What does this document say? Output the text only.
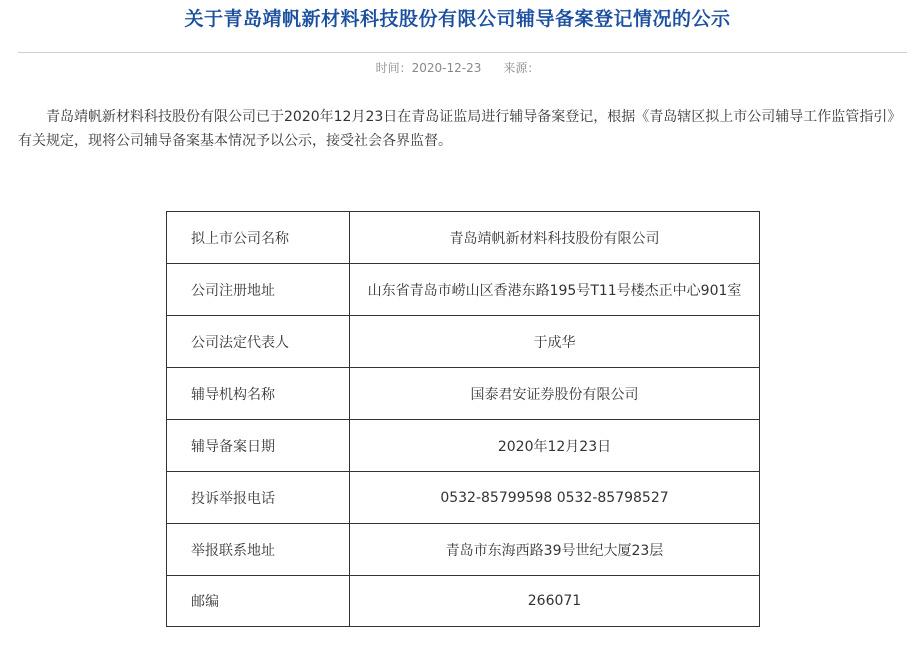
关于青岛靖帆新材料科技股份有限公司辅导备案登记情况的公示
时间：2020-12-23 来源：

青岛靖帆新材料科技股份有限公司已于2020年12月23日在青岛证监局进行辅导备案登记，根据《青岛辖区拟上市公司辅导工作监管指引》有关规定，现将公司辅导备案基本情况予以公示，接受社会各界监督。

拟上市公司名称	青岛靖帆新材料科技股份有限公司
公司注册地址	山东省青岛市崂山区香港东路195号T11号楼杰正中心901室
公司法定代表人	于成华
辅导机构名称	国泰君安证券股份有限公司
辅导备案日期	2020年12月23日
投诉举报电话	0532-85799598 0532-85798527
举报联系地址	青岛市东海西路39号世纪大厦23层
邮编	266071
